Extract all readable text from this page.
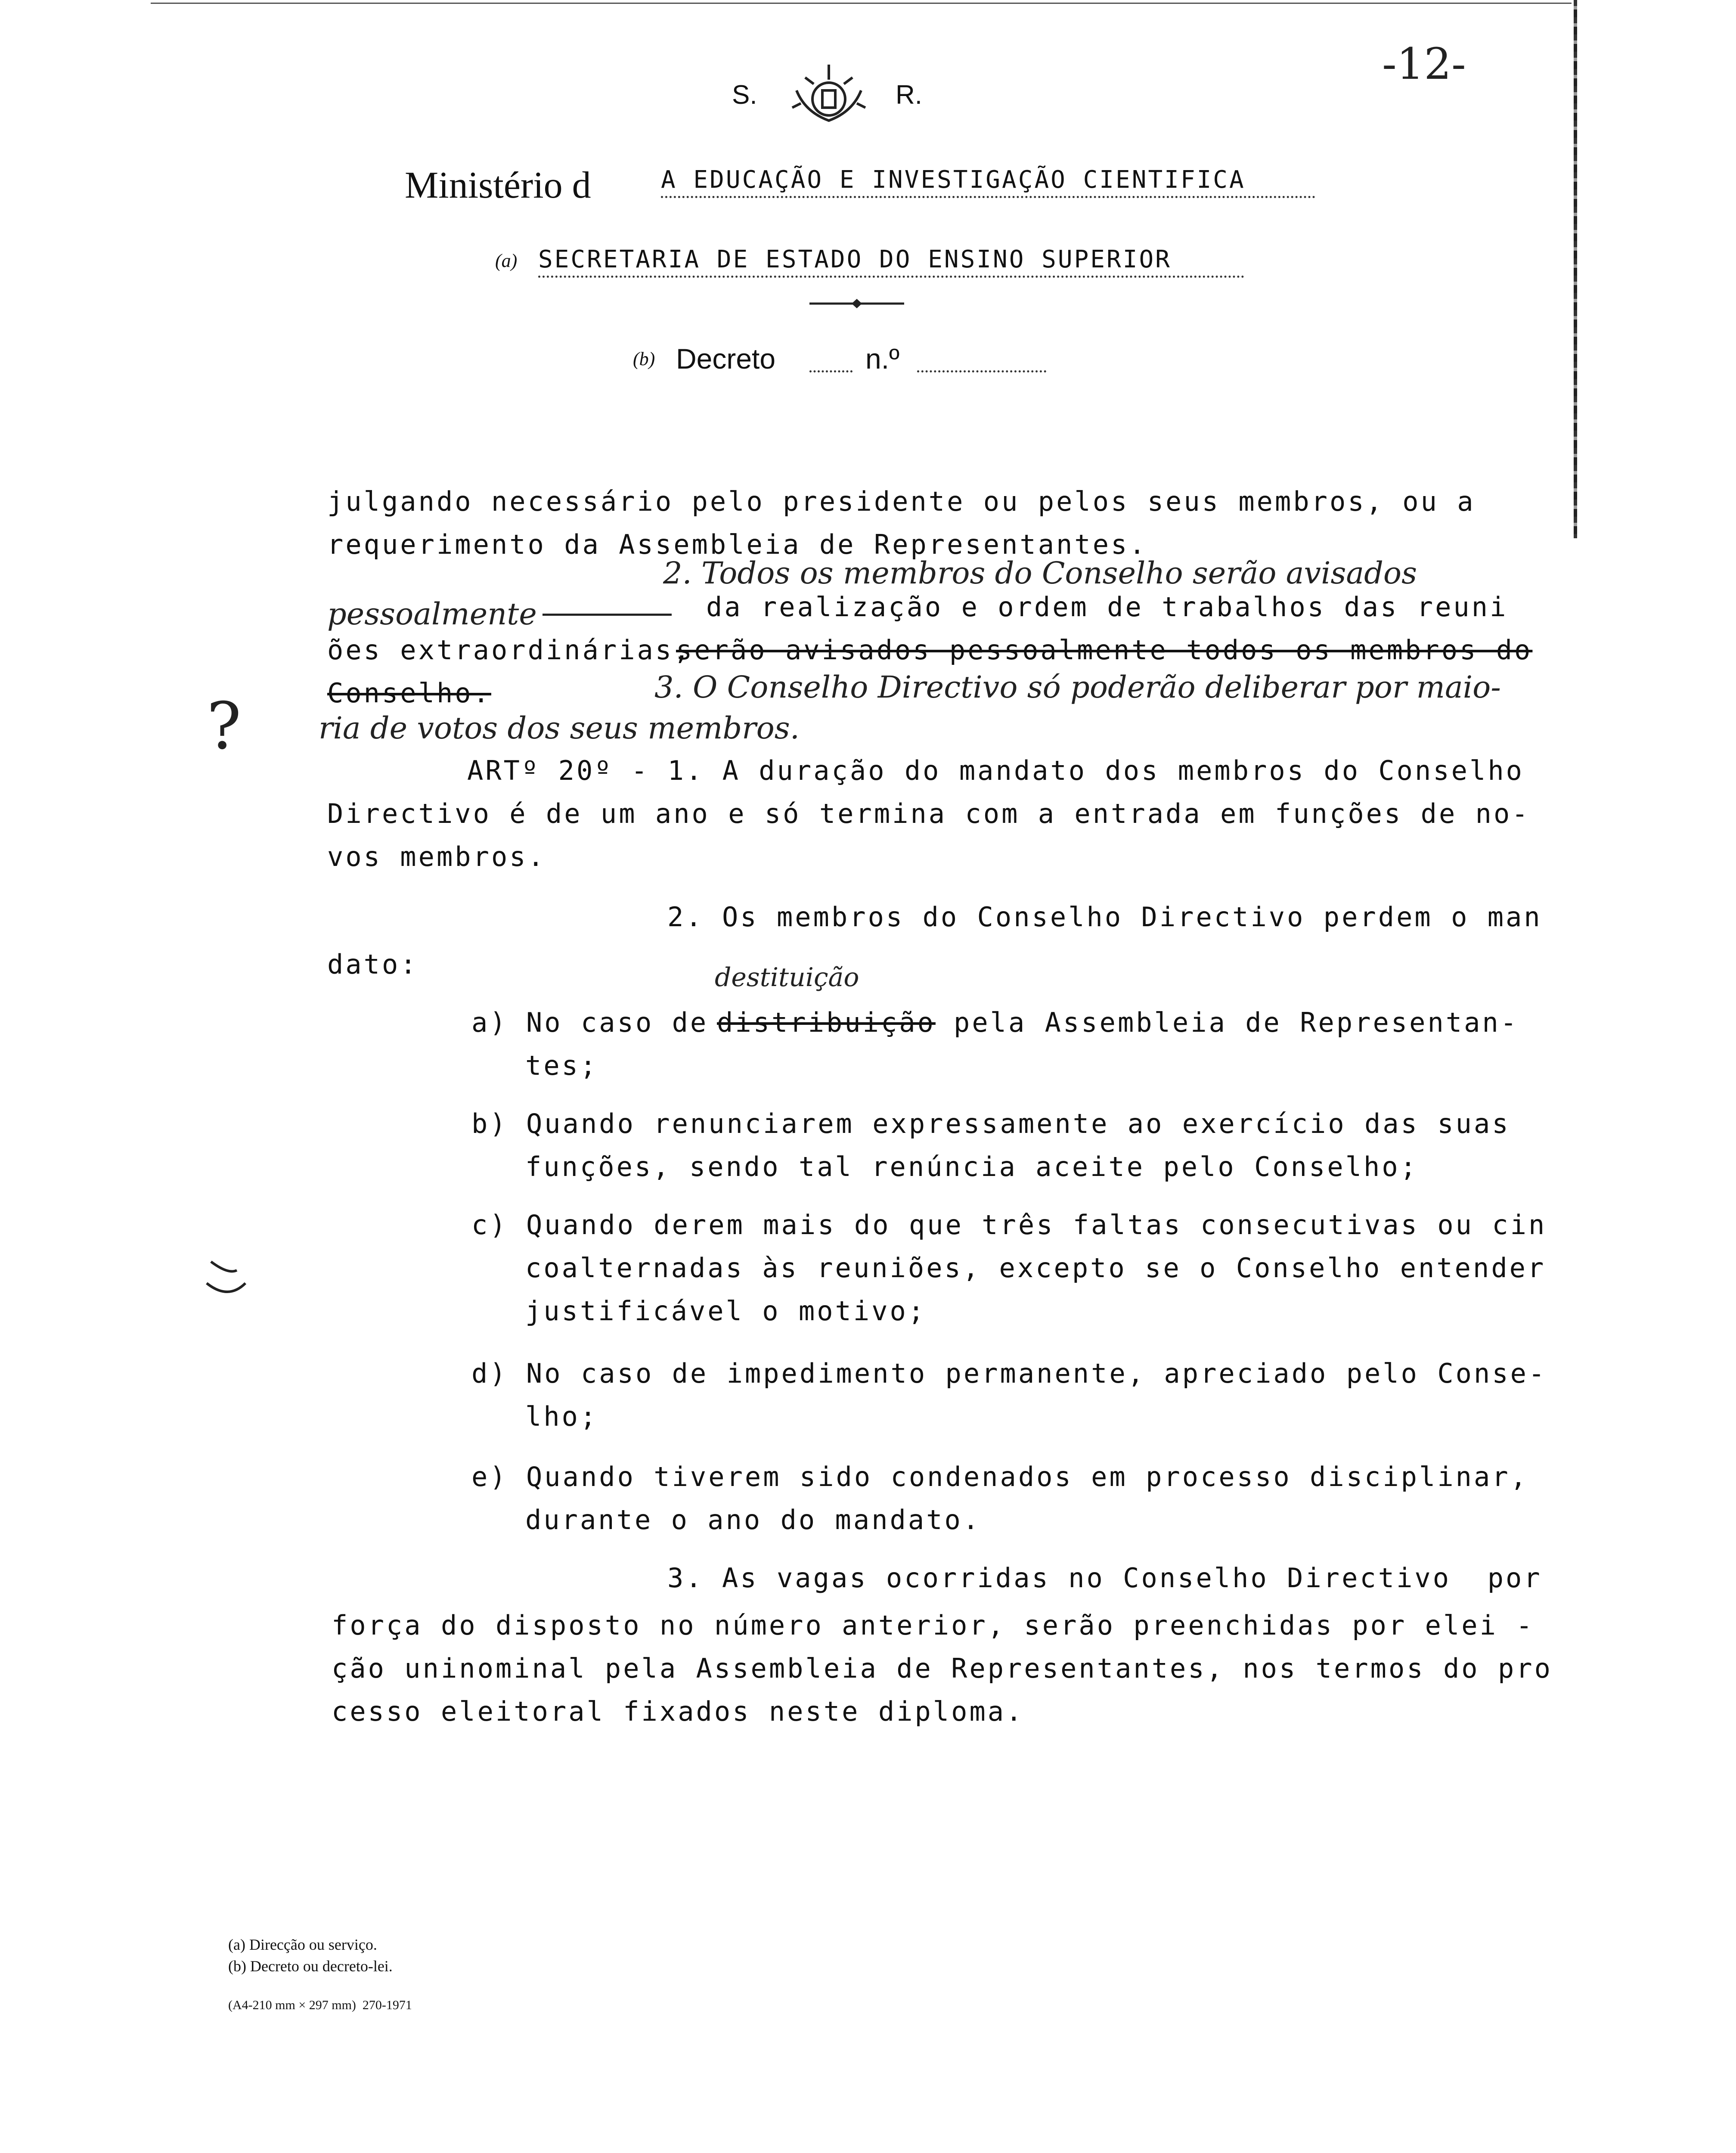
-12-
S.	R.
Ministério d	A EDUCAÇÃO E INVESTIGAÇÃO CIENTIFICA
(a) SECRETARIA DE ESTADO DO ENSINO SUPERIOR
(b) Decreto	n.º
julgando necessário pelo presidente ou pelos seus membros, ou a
requerimento da Assembleia de Representantes.
2. Todos os membros do Conselho serão avisados
pessoalmente	da realização e ordem de trabalhos das reuni
ões extraordinárias,
serão avisados pessoalmente todos os membros do
Conselho.	3. O Conselho Directivo só poderão deliberar por maio-
ria de votos dos seus membros.
?
ARTº 20º - 1. A duração do mandato dos membros do Conselho
Directivo é de um ano e só termina com a entrada em funções de no-
vos membros.
2. Os membros do Conselho Directivo perdem o man
dato:	destituição
a) No caso de distribuição pela Assembleia de Representan-
tes;
b) Quando renunciarem expressamente ao exercício das suas
funções, sendo tal renúncia aceite pelo Conselho;
c) Quando derem mais do que três faltas consecutivas ou cin
coalternadas às reuniões, excepto se o Conselho entender
justificável o motivo;
d) No caso de impedimento permanente, apreciado pelo Conse-
lho;
e) Quando tiverem sido condenados em processo disciplinar,
durante o ano do mandato.
3. As vagas ocorridas no Conselho Directivo  por
força do disposto no número anterior, serão preenchidas por elei -
ção uninominal pela Assembleia de Representantes, nos termos do pro
cesso eleitoral fixados neste diploma.
(a) Direcção ou serviço.
(b) Decreto ou decreto-lei.
(A4-210 mm × 297 mm)  270-1971
